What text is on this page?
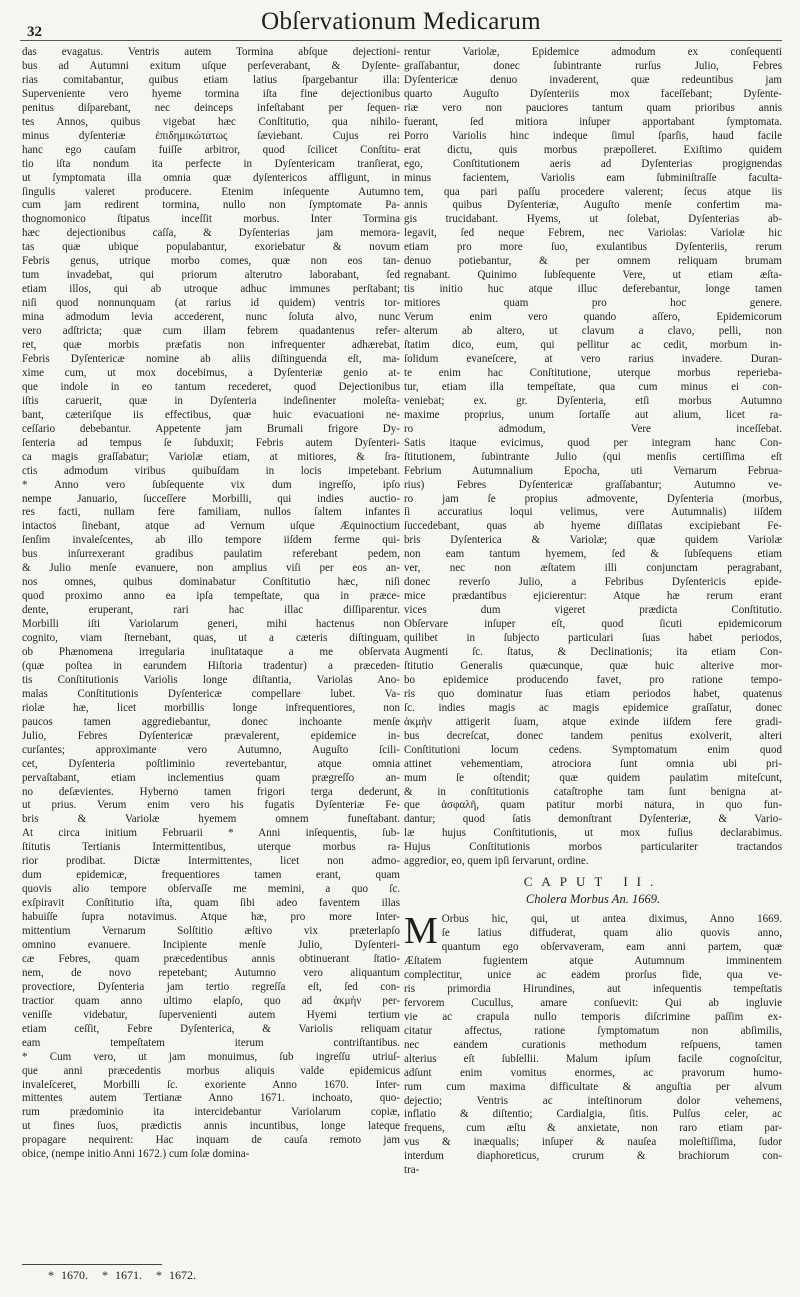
32	Obſervationum Medicarum
das evagatus. Ventris autem Tormina abſque dejectioni-
bus ad Autumni exitum uſque perſeverabant, & Dyſente-
rias comitabantur, quibus etiam latius ſpargebantur illa:
Superveniente vero hyeme tormina iſta fine dejectionibus
penitus diſparebant, nec deinceps infeſtabant per ſequen-
tes Annos, quibus vigebat hæc Conſtitutio, qua nihilo-
minus dyſenteriæ ἐπιδημικώτατως ſæviebant. Cujus rei
hanc ego cauſam fuiſſe arbitror, quod ſcilicet Conſtitu-
tio iſta nondum ita perfecte in Dyſentericam tranſierat,
ut ſymptomata illa omnia quæ dyſentericos affligunt, in
ſingulis valeret producere. Etenim inſequente Autumno
cum jam redirent tormina, nullo non ſymptomate Pa-
thognomonico ſtipatus inceſſit morbus. Inter Tormina
hæc dejectionibus caſſa, & Dyſenterias jam memora-
tas quæ ubique populabantur, exoriebatur & novum
Febris genus, utrique morbo comes, quæ non eos tan-
tum invadebat, qui priorum alterutro laborabant, ſed
etiam illos, qui ab utroque adhuc immunes perſtabant;
niſi quod nonnunquam (at rarius id quidem) ventris tor-
mina admodum levia accederent, nunc ſoluta alvo, nunc
vero adſtricta; quæ cum illam febrem quadantenus refer-
ret, quæ morbis præfatis non infrequenter adhærebat,
Febris Dyſentericæ nomine ab aliis diſtinguenda eſt, ma-
xime cum, ut mox docebimus, a Dyſenteriæ genio at-
que indole in eo tantum recederet, quod Dejectionibus
iſtis caruerit, quæ in Dyſenteria indeſinenter moleſta-
bant, cæteriſque iis effectibus, quæ huic evacuationi ne-
ceſſario debebantur. Appetente jam Brumali frigore Dy-
ſenteria ad tempus ſe ſubduxit; Febris autem Dyſenteri-
ca magis graſſabatur; Variolæ etiam, at mitiores, & ſra-
ctis admodum viribus quibuſdam in locis impetebant.
* Anno vero ſubſequente vix dum ingreſſo, ipſo
nempe Januario, ſucceſſere Morbilli, qui indies auctio-
res facti, nullam fere familiam, nullos ſaltem infantes
intactos ſinebant, atque ad Vernum uſque Æquinoctium
ſenſim invaleſcentes, ab illo tempore iiſdem ferme qui-
bus inſurrexerant gradibus paulatim referebant pedem,
& Julio menſe evanuere, non amplius viſi per eos an-
nos omnes, quibus dominabatur Conſtitutio hæc, niſi
quod proximo anno ea ipſa tempeſtate, qua in præce-
dente, eruperant, rari hac illac diſſiparentur.
Morbilli iſti Variolarum generi, mihi hactenus non
cognito, viam ſternebant, quas, ut a cæteris diſtinguam,
ob Phænomena irregularia inuſitataque a me obſervata
(quæ poſtea in earundem Hiſtoria tradentur) a præceden-
tis Conſtitutionis Variolis longe diſtantia, Variolas Ano-
malas Conſtitutionis Dyſentericæ compellare lubet. Va-
riolæ hæ, licet morbillis longe infrequentiores, non
paucos tamen aggrediebantur, donec inchoante menſe
Julio, Febres Dyſentericæ prævalerent, epidemice in-
curſantes; approximante vero Autumno, Auguſto ſcili-
cet, Dyſenteria poſtliminio revertebantur, atque omnia
pervaſtabant, etiam inclementius quam prægreſſo an-
no deſævientes. Hyberno tamen frigori terga dederunt,
ut prius. Verum enim vero his fugatis Dyſenteriæ Fe-
bris & Variolæ hyemem omnem funeſtabant.
At circa initium Februarii * Anni inſequentis, ſub-
ſtitutis Tertianis Intermittentibus, uterque morbus ra-
rior prodibat. Dictæ Intermittentes, licet non admo-
dum epidemicæ, frequentiores tamen erant, quam
quovis alio tempore obſervaſſe me memini, a quo ſc.
exſpiravit Conſtitutio iſta, quam ſibi adeo faventem illas
habuiſſe ſupra notavimus. Atque hæ, pro more Inter-
mittentium Vernarum Solſtitio æſtivo vix præterlapſo
omnino evanuere. Incipiente menſe Julio, Dyſenteri-
cæ Febres, quam præcedentibus annis obtinuerant ſtatio-
nem, de novo repetebant; Autumno vero aliquantum
provectiore, Dyſenteria jam tertio regreſſa eſt, ſed con-
tractior quam anno ultimo elapſo, quo ad ἀκμὴν per-
veniſſe videbatur, ſupervenienti autem Hyemi tertium
etiam ceſſit, Febre Dyſenterica, & Variolis reliquam
eam tempeſtatem iterum contriſtantibus.
* Cum vero, ut jam monuimus, ſub ingreſſu utriuſ-
que anni præcedentis morbus aliquis valde epidemicus
invaleſceret, Morbilli ſc. exoriente Anno 1670. Inter-
mittentes autem Tertianæ Anno 1671. inchoato, quo-
rum prædominio ita intercidebantur Variolarum copiæ,
ut fines ſuos, prædictis annis incuntibus, longe lateque
propagare nequirent: Hac inquam de cauſa remoto jam
obice, (nempe initio Anni 1672.) cum ſolæ domina-
rentur Variolæ, Epidemice admodum ex conſequenti
graſſabantur, donec ſubintrante rurſus Julio, Febres
Dyſentericæ denuo invaderent, quæ redeuntibus jam
quarto Auguſto Dyſenteriis mox faceſſebant; Dyſente-
riæ vero non pauciores tantum quam prioribus annis
fuerant, ſed mitiora inſuper apportabant ſymptomata.
Porro Variolis hinc indeque ſimul ſparſis, haud facile
erat dictu, quis morbus præpolleret. Exiſtimo quidem
ego, Conſtitutionem aeris ad Dyſenterias progignendas
minus facientem, Variolis eam ſubminiſtraſſe faculta-
tem, qua pari paſſu procedere valerent; ſecus atque iis
annis quibus Dyſenteriæ, Auguſto menſe confertim ma-
gis trucidabant. Hyems, ut ſolebat, Dyſenterias ab-
legavit, ſed neque Febrem, nec Variolas: Variolæ hic
etiam pro more ſuo, exulantibus Dyſenteriis, rerum
denuo potiebantur, & per omnem reliquam brumam
regnabant. Quinimo ſubſequente Vere, ut etiam æſta-
tis initio huc atque illuc deferebantur, longe tamen
mitiores quam pro hoc genere.
Verum enim vero quando aſſero, Epidemicorum
alterum ab altero, ut clavum a clavo, pelli, non
ſtatim dico, eum, qui pellitur ac cedit, morbum in-
ſolidum evaneſcere, at vero rarius invadere. Duran-
te enim hac Conſtitutione, uterque morbus reperieba-
tur, etiam illa tempeſtate, qua cum minus ei con-
veniebat; ex. gr. Dyſenteria, etſi morbus Autumno
maxime proprius, unum ſortaſſe aut alium, licet ra-
ro admodum, Vere inceſſebat.
Satis itaque evicimus, quod per integram hanc Con-
ſtitutionem, ſubintrante Julio (qui menſis certiſſima eſt
Febrium Autumnalium Epocha, uti Vernarum Februa-
rius) Febres Dyſentericæ graſſabantur; Autumno ve-
ro jam ſe propius admovente, Dyſenteria (morbus,
ſi accuratius loqui velimus, vere Autumnalis) iiſdem
ſuccedebant, quas ab hyeme diſſlatas excipiebant Fe-
bris Dyſenterica & Variolæ; quæ quidem Variolæ
non eam tantum hyemem, ſed & ſubſequens etiam
ver, nec non æſtatem illi conjunctam peragrabant,
donec reverſo Julio, a Febribus Dyſentericis epide-
mice prædantibus ejicierentur: Atque hæ rerum erant
vices dum vigeret prædicta Conſtitutio.
Obſervare inſuper eſt, quod ſicuti epidemicorum
quilibet in ſubjecto particulari ſuas habet periodos,
Augmenti ſc. ſtatus, & Declinationis; ita etiam Con-
ſtitutio Generalis quæcunque, quæ huic alterive mor-
bo epidemice producendo favet, pro ratione tempo-
ris quo dominatur ſuas etiam periodos habet, quatenus
ſc. indies magis ac magis epidemice graſſatur, donec
ἀκμὴν attigerit ſuam, atque exinde iiſdem fere gradi-
bus decreſcat, donec tandem penitus exolverit, alteri
Conſtitutioni locum cedens. Symptomatum enim quod
attinet vehementiam, atrociora ſunt omnia ubi pri-
mum ſe oſtendit; quæ quidem paulatim miteſcunt,
& in conſtitutionis cataſtrophe tam ſunt benigna at-
que ἀσφαλῆ, quam patitur morbi natura, in quo fun-
dantur; quod ſatis demonſtrant Dyſenteriæ, & Vario-
læ hujus Conſtitutionis, ut mox fuſius declarabimus.
Hujus Conſtitutionis morbos particulariter tractandos
aggredior, eo, quem ipſi ſervarunt, ordine.
CAPUT II.
Cholera Morbus An. 1669.
M Orbus hic, qui, ut antea diximus, Anno 1669.
ſe latius diffuderat, quam alio quovis anno,
quantum ego obſervaveram, eam anni partem, quæ
Æſtatem fugientem atque Autumnum imminentem
complectitur, unice ac eadem prorſus fide, qua ve-
ris primordia Hirundines, aut inſequentis tempeſtatis
fervorem Cucullus, amare conſuevit: Qui ab ingluvie
vie ac crapula nullo temporis diſcrimine paſſim ex-
citatur affectus, ratione ſymptomatum non abſimilis,
nec eandem curationis methodum reſpuens, tamen
alterius eſt ſubſellii. Malum ipſum facile cognoſcitur,
adſunt enim vomitus enormes, ac pravorum humo-
rum cum maxima difficultate & anguſtia per alvum
dejectio; Ventris ac inteſtinorum dolor vehemens,
inflatio & diſtentio; Cardialgia, ſitis. Pulſus celer, ac
frequens, cum æſtu & anxietate, non raro etiam par-
vus & inæqualis; inſuper & nauſea moleſtiſſima, ſudor
interdum diaphoreticus, crurum & brachiorum con-
tra-
* 1670. * 1671. * 1672.
